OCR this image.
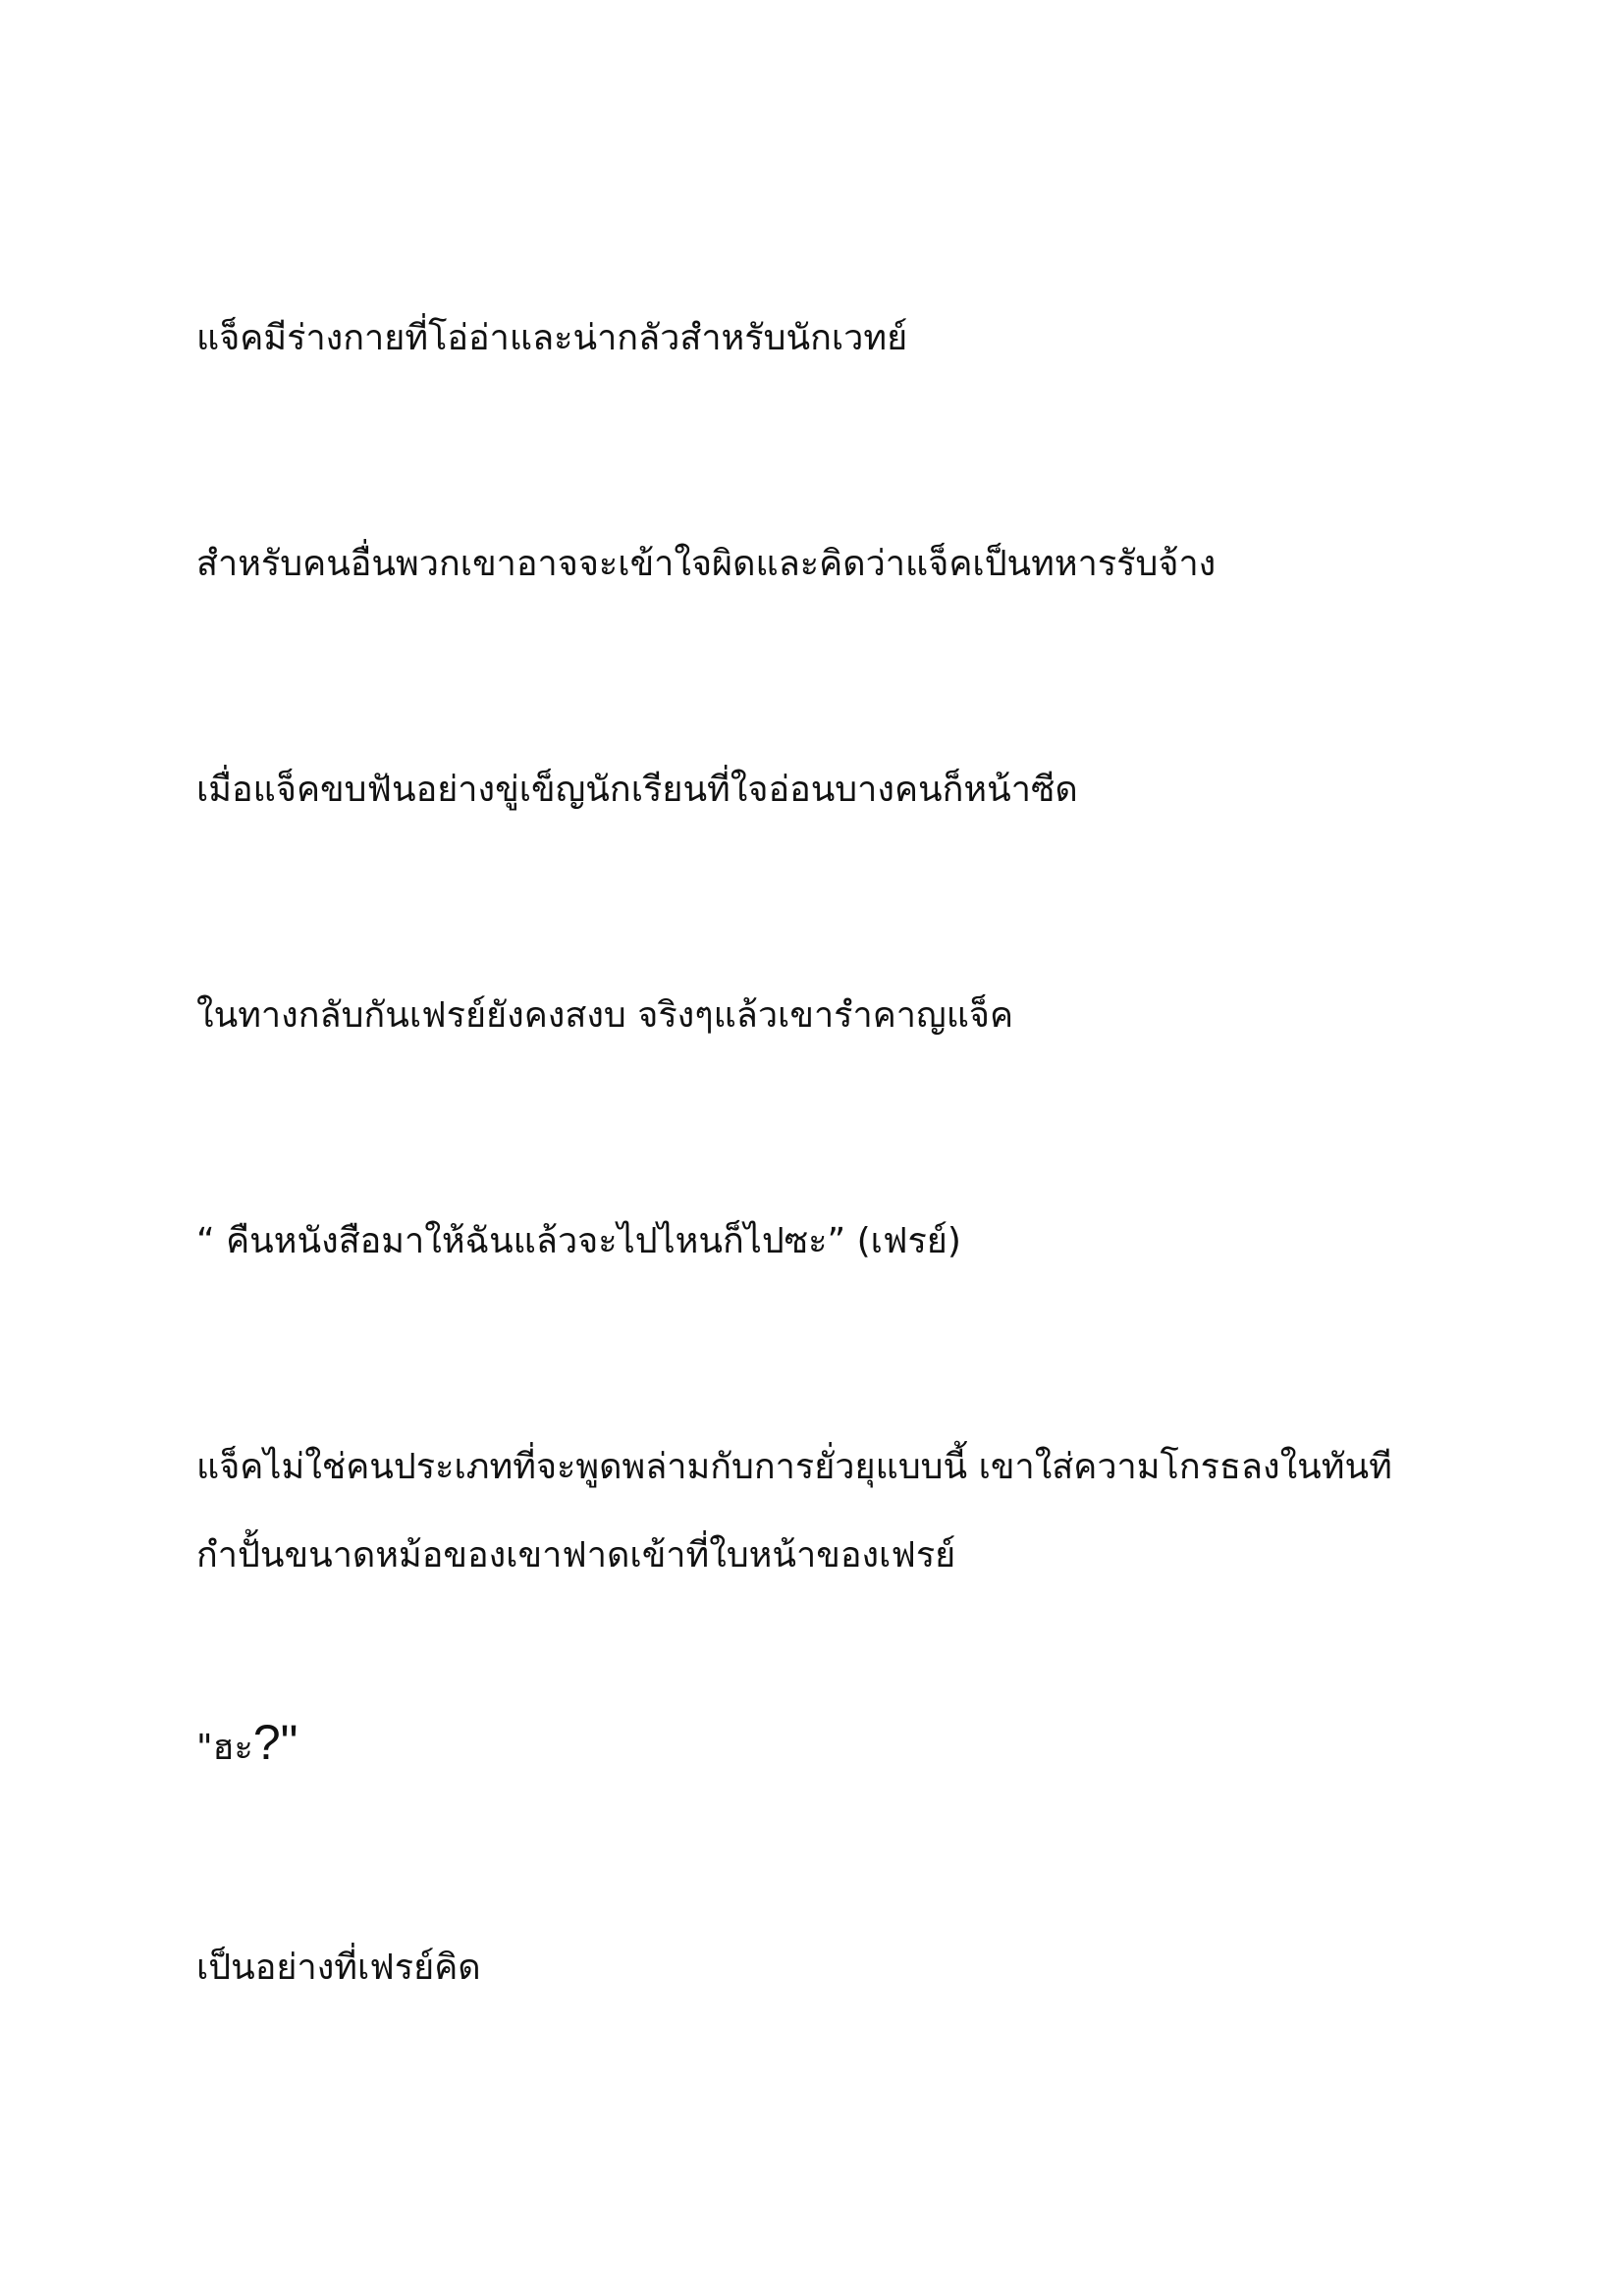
แจ็คมีร่างกายที่โอ่อ่าและน่ากลัวสำหรับนักเวทย์

สำหรับคนอื่นพวกเขาอาจจะเข้าใจผิดและคิดว่าแจ็คเป็นทหารรับจ้าง

เมื่อแจ็คขบฟันอย่างขู่เข็ญนักเรียนที่ใจอ่อนบางคนก็หน้าซีด

ในทางกลับกันเฟรย์ยังคงสงบ จริงๆแล้วเขารำคาญแจ็ค

“ คืนหนังสือมาให้ฉันแล้วจะไปไหนก็ไปซะ” (เฟรย์)

แจ็คไม่ใช่คนประเภทที่จะพูดพล่ามกับการยั่วยุแบบนี้ เขาใส่ความโกรธลงในทันที
กำปั้นขนาดหม้อของเขาฟาดเข้าที่ใบหน้าของเฟรย์

"ฮะ?"

เป็นอย่างที่เฟรย์คิด
